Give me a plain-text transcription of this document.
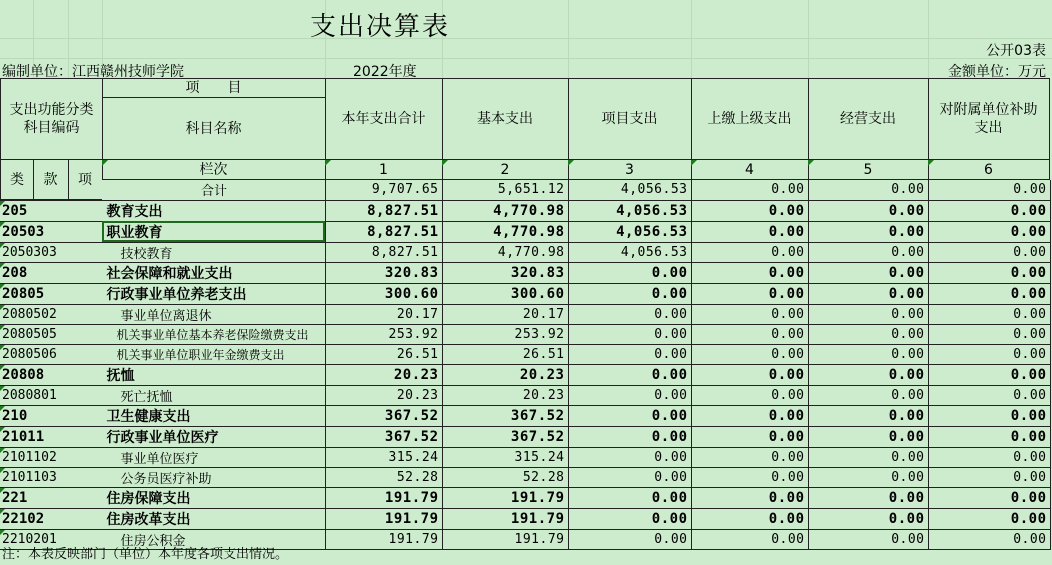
支出决算表
公开03表
编制单位：江西赣州技师学院	2022年度	金额单位：万元
项　　目
支出功能分类
科目编码	科目名称
本年支出合计	基本支出	项目支出	上缴上级支出	经营支出
对附属单位补助
支出
类	款	项
栏次	1	2	3	4	5	6
	合计	9,707.65	5,651.12	4,056.53	0.00	0.00	0.00
205	教育支出	8,827.51	4,770.98	4,056.53	0.00	0.00	0.00
20503	职业教育	8,827.51	4,770.98	4,056.53	0.00	0.00	0.00
2050303	技校教育	8,827.51	4,770.98	4,056.53	0.00	0.00	0.00
208	社会保障和就业支出	320.83	320.83	0.00	0.00	0.00	0.00
20805	行政事业单位养老支出	300.60	300.60	0.00	0.00	0.00	0.00
2080502	事业单位离退休	20.17	20.17	0.00	0.00	0.00	0.00
2080505	机关事业单位基本养老保险缴费支出	253.92	253.92	0.00	0.00	0.00	0.00
2080506	机关事业单位职业年金缴费支出	26.51	26.51	0.00	0.00	0.00	0.00
20808	抚恤	20.23	20.23	0.00	0.00	0.00	0.00
2080801	死亡抚恤	20.23	20.23	0.00	0.00	0.00	0.00
210	卫生健康支出	367.52	367.52	0.00	0.00	0.00	0.00
21011	行政事业单位医疗	367.52	367.52	0.00	0.00	0.00	0.00
2101102	事业单位医疗	315.24	315.24	0.00	0.00	0.00	0.00
2101103	公务员医疗补助	52.28	52.28	0.00	0.00	0.00	0.00
221	住房保障支出	191.79	191.79	0.00	0.00	0.00	0.00
22102	住房改革支出	191.79	191.79	0.00	0.00	0.00	0.00
2210201	住房公积金	191.79	191.79	0.00	0.00	0.00	0.00
注：本表反映部门（单位）本年度各项支出情况。
